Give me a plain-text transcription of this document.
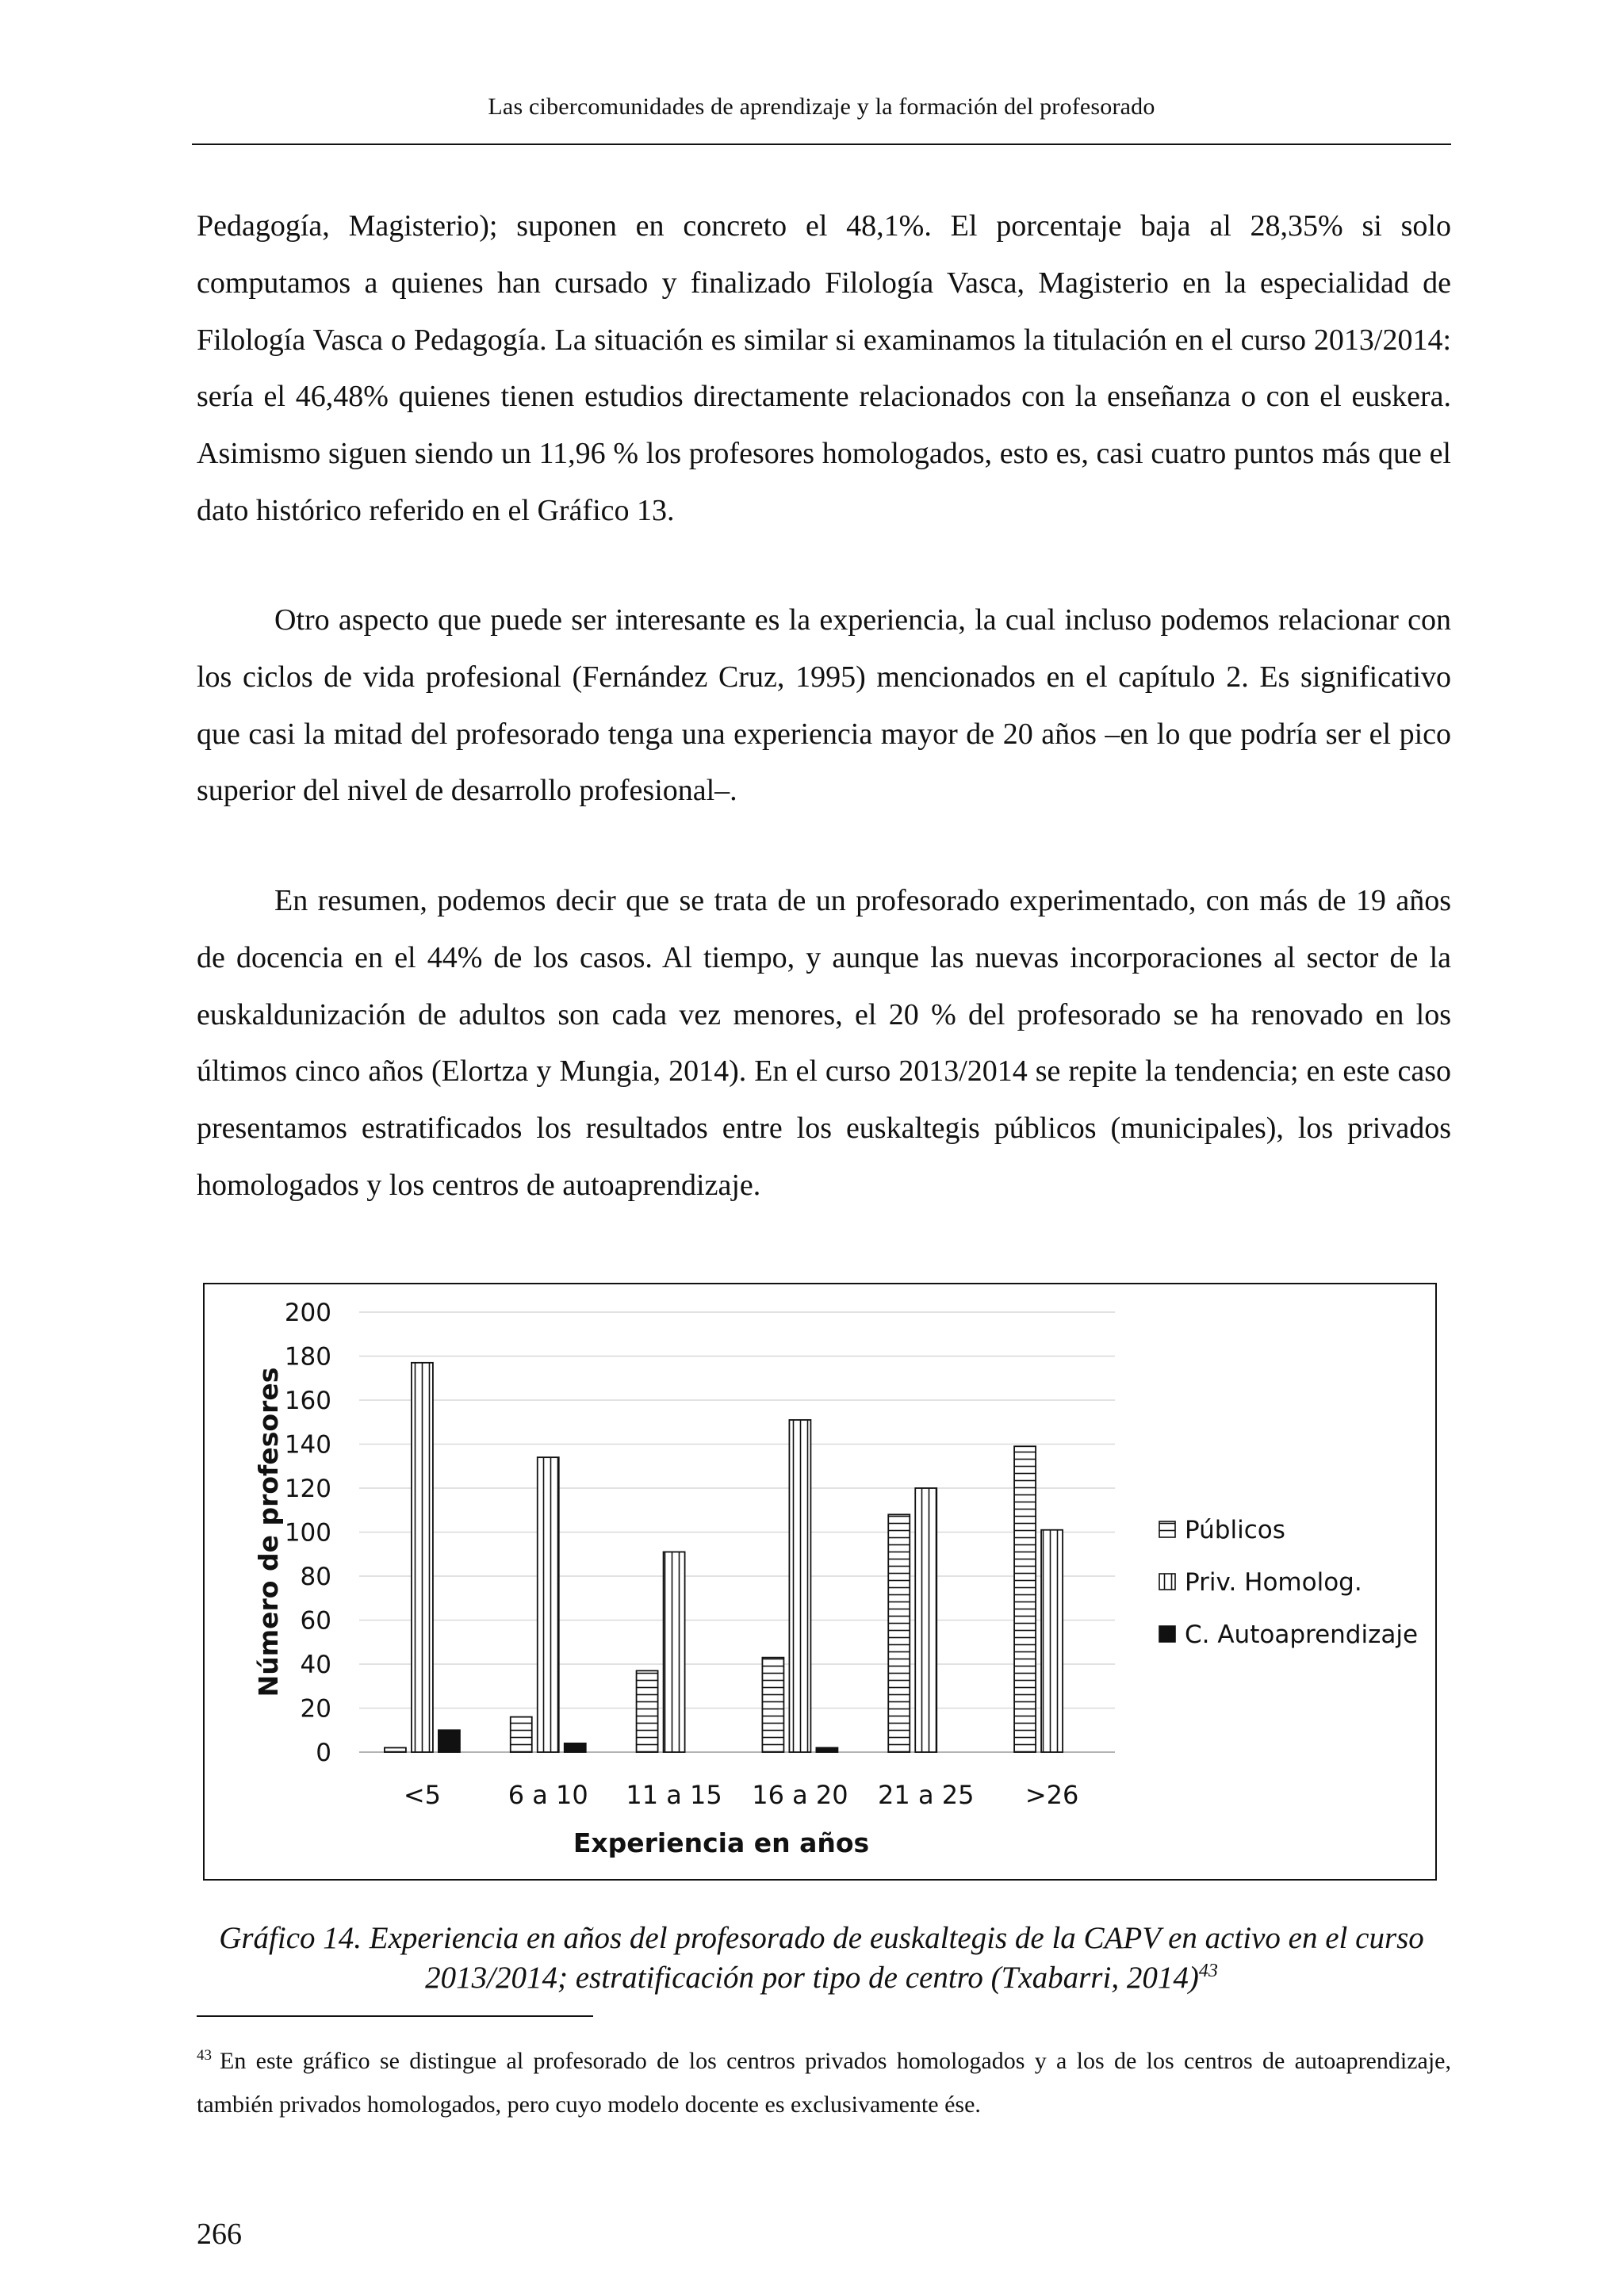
Las cibercomunidades de aprendizaje y la formación del profesorado

Pedagogía, Magisterio); suponen en concreto el 48,1%. El porcentaje baja al 28,35% si solo computamos a quienes han cursado y finalizado Filología Vasca, Magisterio en la especialidad de Filología Vasca o Pedagogía. La situación es similar si examinamos la titulación en el curso 2013/2014: sería el 46,48% quienes tienen estudios directamente relacionados con la enseñanza o con el euskera. Asimismo siguen siendo un 11,96 % los profesores homologados, esto es, casi cuatro puntos más que el dato histórico referido en el Gráfico 13.

Otro aspecto que puede ser interesante es la experiencia, la cual incluso podemos relacionar con los ciclos de vida profesional (Fernández Cruz, 1995) mencionados en el capítulo 2. Es significativo que casi la mitad del profesorado tenga una experiencia mayor de 20 años –en lo que podría ser el pico superior del nivel de desarrollo profesional–.

En resumen, podemos decir que se trata de un profesorado experimentado, con más de 19 años de docencia en el 44% de los casos. Al tiempo, y aunque las nuevas incorporaciones al sector de la euskaldunización de adultos son cada vez menores, el 20 % del profesorado se ha renovado en los últimos cinco años (Elortza y Mungia, 2014). En el curso 2013/2014 se repite la tendencia; en este caso presentamos estratificados los resultados entre los euskaltegis públicos (municipales), los privados homologados y los centros de autoaprendizaje.

0
20
40
60
80
100
120
140
160
180
200
<5	6 a 10 11 a 15 16 a 20 21 a 25 >26
Experiencia en años
Número de profesores	Públicos
Priv. Homolog.
C. Autoaprendizaje
Gráfico 14. Experiencia en años del profesorado de euskaltegis de la CAPV en activo en el curso 2013/2014; estratificación por tipo de centro (Txabarri, 2014)$^{43}$

$^{43}$ En este gráfico se distingue al profesorado de los centros privados homologados y a los de los centros de autoaprendizaje, también privados homologados, pero cuyo modelo docente es exclusivamente ése.

266
